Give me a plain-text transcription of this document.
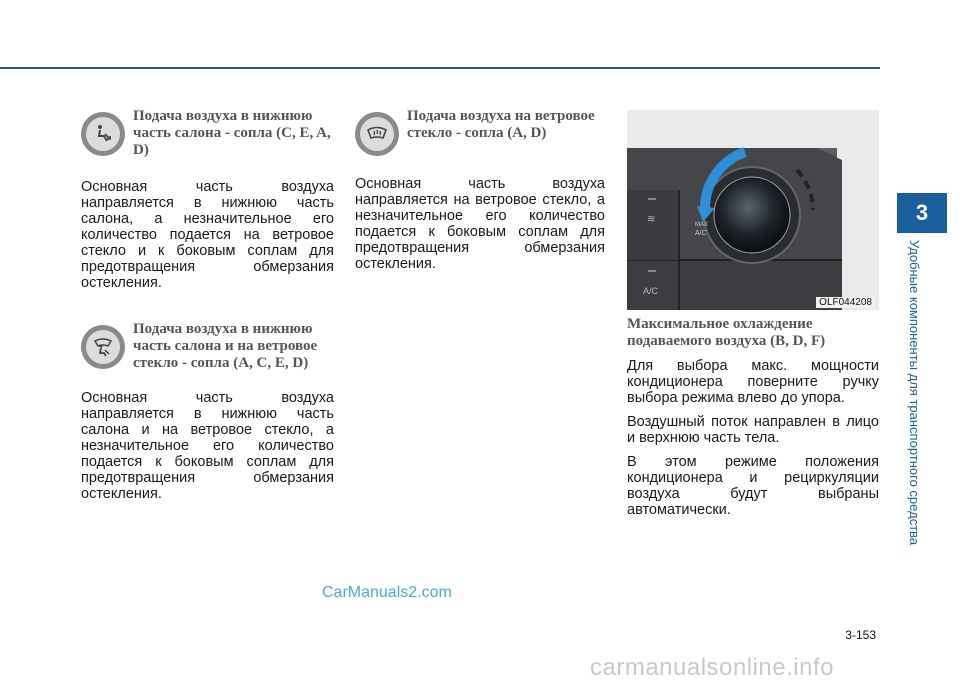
Подача воздуха в нижнюю часть салона - сопла (C, E, A, D)
Основная часть воздуха направляется в нижнюю часть салона, а незначительное его количество подается на ветровое стекло и к боковым соплам для предотвращения обмерзания остекления.
Подача воздуха в нижнюю часть салона и на ветровое стекло - сопла (A, C, E, D)
Основная часть воздуха направляется в нижнюю часть салона и на ветровое стекло, а незначительное его количество подается к боковым соплам для предотвращения обмерзания остекления.
Подача воздуха на ветровое стекло - сопла (A, D)
Основная часть воздуха направляется на ветровое стекло, а незначительное его количество подается к боковым соплам для предотвращения обмерзания остекления.
≋	MAX
A/C
A/C
OLF044208
Максимальное охлаждение подаваемого воздуха (B, D, F)
Для выбора макс. мощности кондиционера поверните ручку выбора режима влево до упора.
Воздушный поток направлен в лицо и верхнюю часть тела.
В этом режиме положения кондиционера и рециркуляции воздуха будут выбраны автоматически.
3
Удобные компоненты для транспортного средства
CarManuals2.com
3-153
carmanualsonline.info
